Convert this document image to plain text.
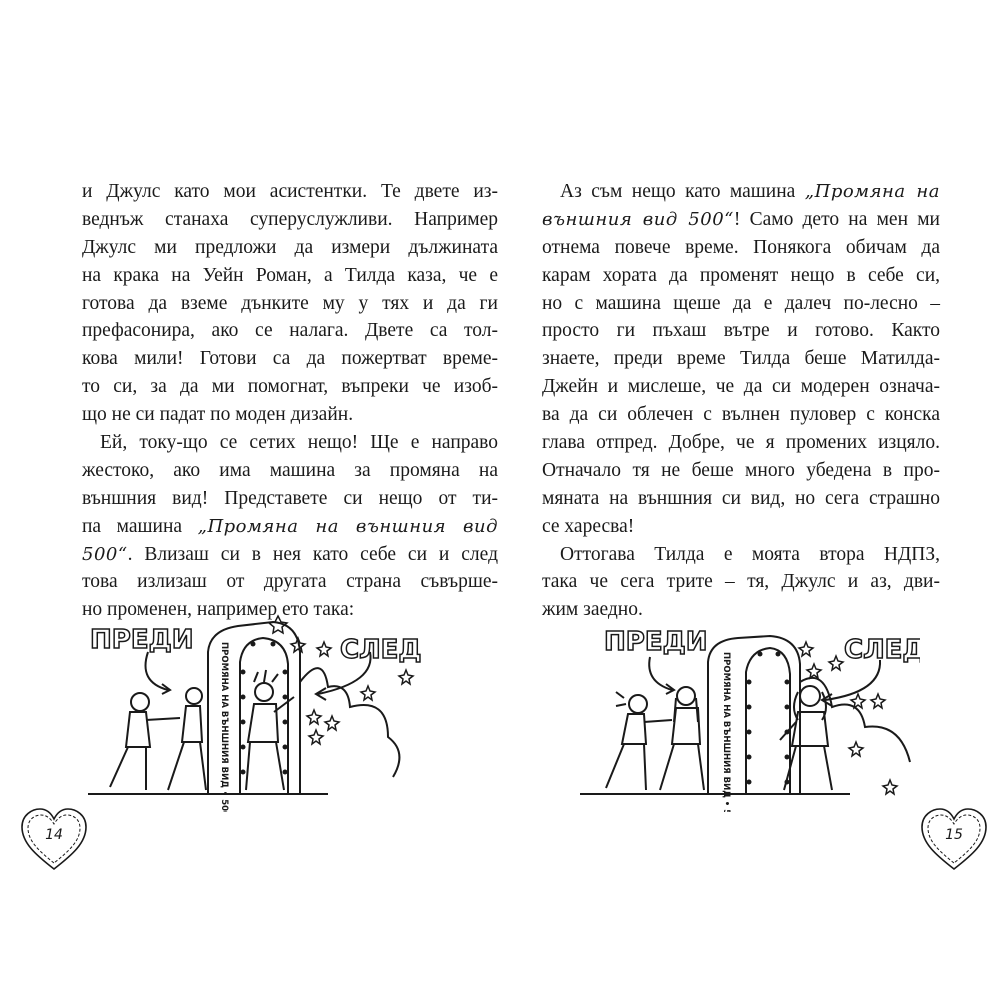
и Джулс като мои асистентки. Те двете из-
веднъж станаха суперуслужливи. Например
Джулс ми предложи да измери дължината
на крака на Уейн Роман, а Тилда каза, че е
готова да вземе дънките му у тях и да ги
префасонира, ако се налага. Двете са тол-
кова мили! Готови са да пожертват време-
то си, за да ми помогнат, въпреки че изоб-
що не си падат по моден дизайн.
Ей, току-що се сетих нещо! Ще е направо
жестоко, ако има машина за промяна на
външния вид! Представете си нещо от ти-
па машина „Промяна на външния вид
500“. Влизаш си в нея като себе си и след
това излизаш от другата страна съвърше-
но променен, например ето така:
ПРЕДИ	СЛЕД
ПРОМЯНА НА ВЪНШНИЯ ВИД • 500
14
Аз съм нещо като машина „Промяна на
външния вид 500“! Само дето на мен ми
отнема повече време. Понякога обичам да
карам хората да променят нещо в себе си,
но с машина щеше да е далеч по-лесно –
просто ги пъхаш вътре и готово. Както
знаете, преди време Тилда беше Матилда-
Джейн и мислеше, че да си модерен означа-
ва да си облечен с вълнен пуловер с конска
глава отпред. Добре, че я промених изцяло.
Отначало тя не беше много убедена в про-
мяната на външния си вид, но сега страшно
се харесва!
Оттогава Тилда е моята втора НДПЗ,
така че сега трите – тя, Джулс и аз, дви-
жим заедно.
ПРЕДИ	СЛЕД
ПРОМЯНА НА ВЪНШНИЯ ВИД • 500
15
